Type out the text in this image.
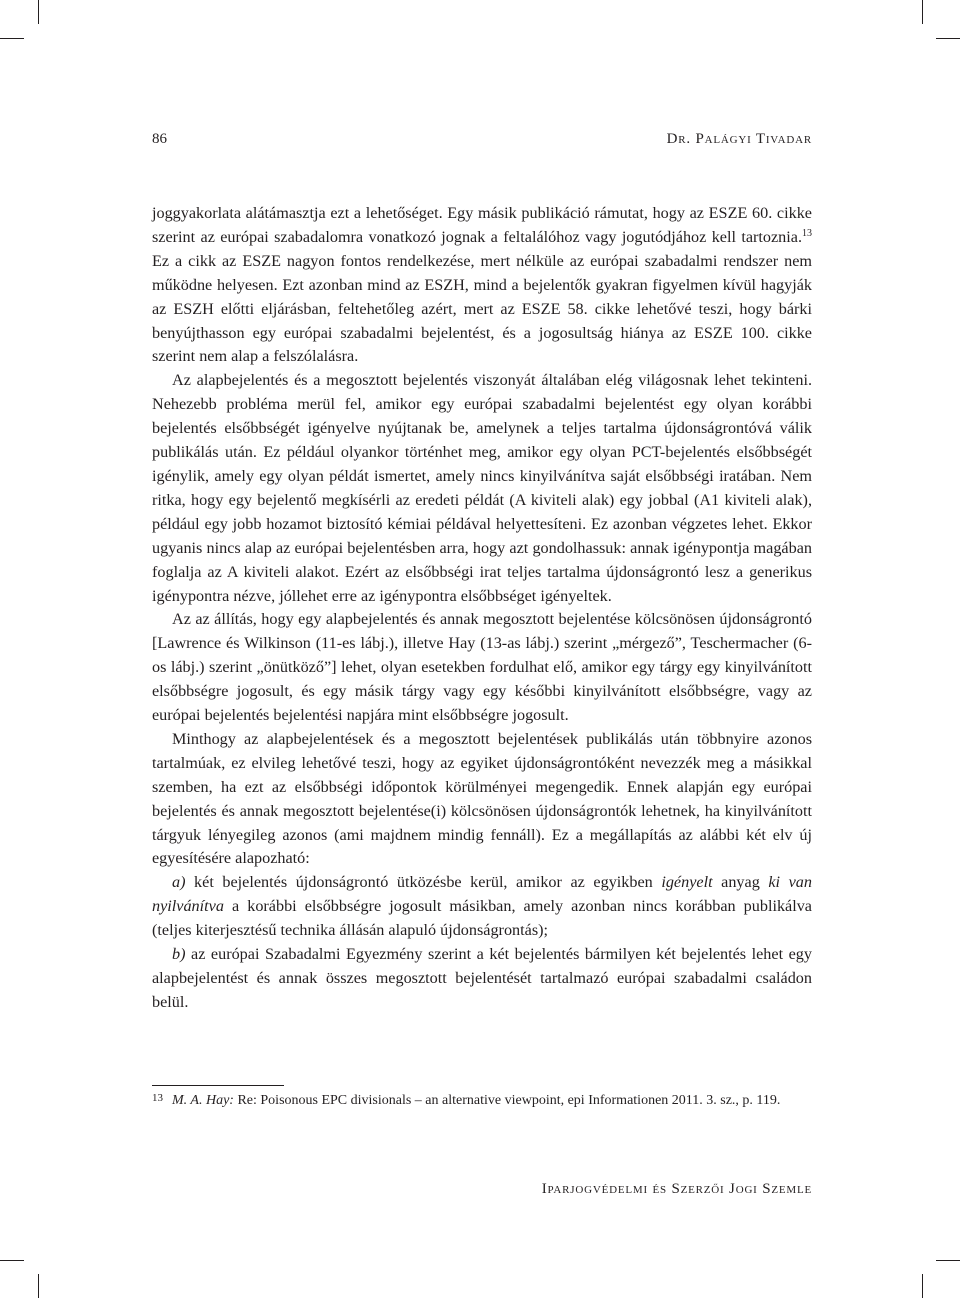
86	Dr. Palágyi Tivadar

joggyakorlata alátámasztja ezt a lehetőséget. Egy másik publikáció rámutat, hogy az ESZE 60. cikke szerint az európai szabadalomra vonatkozó jognak a feltalálóhoz vagy jogutódjához kell tartoznia.$^{13}$ Ez a cikk az ESZE nagyon fontos rendelkezése, mert nélküle az európai szabadalmi rendszer nem működne helyesen. Ezt azonban mind az ESZH, mind a bejelentők gyakran figyelmen kívül hagyják az ESZH előtti eljárásban, feltehetőleg azért, mert az ESZE 58. cikke lehetővé teszi, hogy bárki benyújthasson egy európai szabadalmi bejelentést, és a jogosultság hiánya az ESZE 100. cikke szerint nem alap a felszólalásra.

Az alapbejelentés és a megosztott bejelentés viszonyát általában elég világosnak lehet tekinteni. Nehezebb probléma merül fel, amikor egy európai szabadalmi bejelentést egy olyan korábbi bejelentés elsőbbségét igényelve nyújtanak be, amelynek a teljes tartalma újdonságrontóvá válik publikálás után. Ez például olyankor történhet meg, amikor egy olyan PCT-bejelentés elsőbbségét igénylik, amely egy olyan példát ismertet, amely nincs kinyilvánítva saját elsőbbségi iratában. Nem ritka, hogy egy bejelentő megkísérli az eredeti példát (A kiviteli alak) egy jobbal (A1 kiviteli alak), például egy jobb hozamot biztosító kémiai példával helyettesíteni. Ez azonban végzetes lehet. Ekkor ugyanis nincs alap az európai bejelentésben arra, hogy azt gondolhassuk: annak igénypontja magában foglalja az A kiviteli alakot. Ezért az elsőbbségi irat teljes tartalma újdonságrontó lesz a generikus igénypontra nézve, jóllehet erre az igénypontra elsőbbséget igényeltek.

Az az állítás, hogy egy alapbejelentés és annak megosztott bejelentése kölcsönösen újdonságrontó [Lawrence és Wilkinson (11-es lábj.), illetve Hay (13-as lábj.) szerint „mérgező”, Teschermacher (6-os lábj.) szerint „önütköző”] lehet, olyan esetekben fordulhat elő, amikor egy tárgy egy kinyilvánított elsőbbségre jogosult, és egy másik tárgy vagy egy későbbi kinyilvánított elsőbbségre, vagy az európai bejelentés bejelentési napjára mint elsőbbségre jogosult.

Minthogy az alapbejelentések és a megosztott bejelentések publikálás után többnyire azonos tartalmúak, ez elvileg lehetővé teszi, hogy az egyiket újdonságrontóként nevezzék meg a másikkal szemben, ha ezt az elsőbbségi időpontok körülményei megengedik. Ennek alapján egy európai bejelentés és annak megosztott bejelentése(i) kölcsönösen újdonságrontók lehetnek, ha kinyilvánított tárgyuk lényegileg azonos (ami majdnem mindig fennáll). Ez a megállapítás az alábbi két elv új egyesítésére alapozható:

a) két bejelentés újdonságrontó ütközésbe kerül, amikor az egyikben igényelt anyag ki van nyilvánítva a korábbi elsőbbségre jogosult másikban, amely azonban nincs korábban publikálva (teljes kiterjesztésű technika állásán alapuló újdonságrontás);

b) az európai Szabadalmi Egyezmény szerint a két bejelentés bármilyen két bejelentés lehet egy alapbejelentést és annak összes megosztott bejelentését tartalmazó európai szabadalmi családon belül.

13 M. A. Hay: Re: Poisonous EPC divisionals – an alternative viewpoint, epi Informationen 2011. 3. sz., p. 119.
Iparjogvédelmi és Szerzői Jogi Szemle
